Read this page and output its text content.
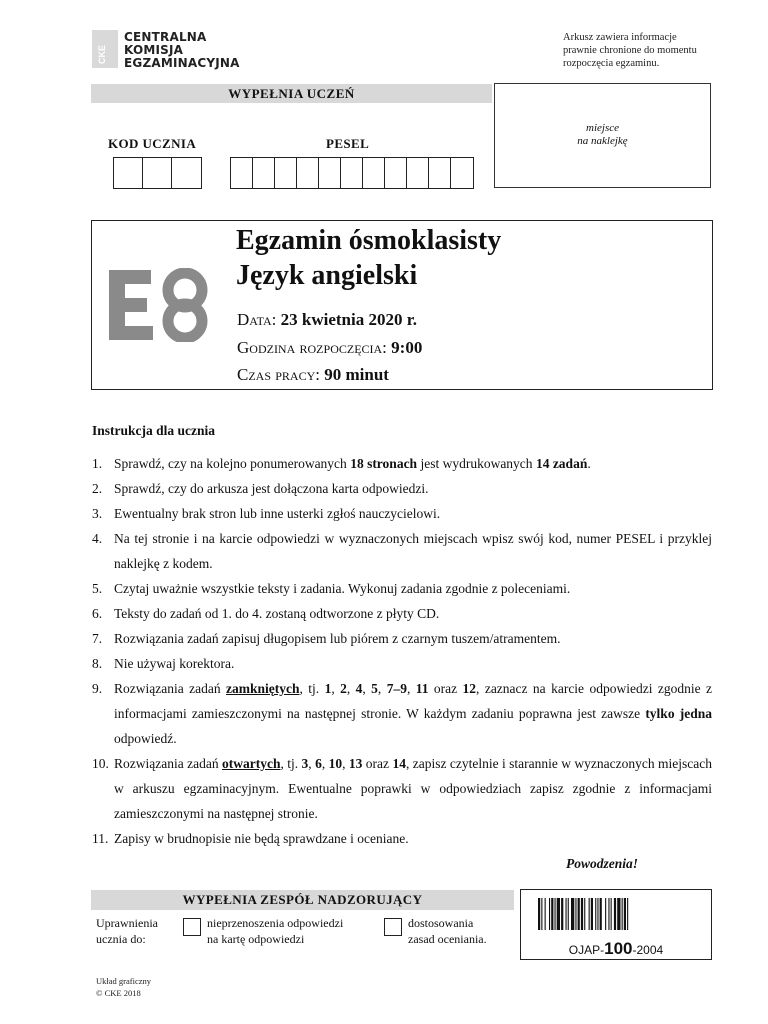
CKE
CENTRALNA
KOMISJA
EGZAMINACYJNA
Arkusz zawiera informacje
prawnie chronione do momentu
rozpoczęcia egzaminu.
WYPEŁNIA UCZEŃ
miejsce
na naklejkę
KOD UCZNIA	PESEL
E8
Egzamin ósmoklasisty
Język angielski
Data: 23 kwietnia 2020 r.
Godzina rozpoczęcia: 9:00
Czas pracy: 90 minut
Instrukcja dla ucznia
1. Sprawdź, czy na kolejno ponumerowanych 18 stronach jest wydrukowanych 14 zadań.
2. Sprawdź, czy do arkusza jest dołączona karta odpowiedzi.
3. Ewentualny brak stron lub inne usterki zgłoś nauczycielowi.
4. Na tej stronie i na karcie odpowiedzi w wyznaczonych miejscach wpisz swój kod, numer PESEL i przyklej naklejkę z kodem.
5. Czytaj uważnie wszystkie teksty i zadania. Wykonuj zadania zgodnie z poleceniami.
6. Teksty do zadań od 1. do 4. zostaną odtworzone z płyty CD.
7. Rozwiązania zadań zapisuj długopisem lub piórem z czarnym tuszem/atramentem.
8. Nie używaj korektora.
9. Rozwiązania zadań zamkniętych, tj. 1, 2, 4, 5, 7–9, 11 oraz 12, zaznacz na karcie odpowiedzi zgodnie z informacjami zamieszczonymi na następnej stronie. W każdym zadaniu poprawna jest zawsze tylko jedna odpowiedź.
10. Rozwiązania zadań otwartych, tj. 3, 6, 10, 13 oraz 14, zapisz czytelnie i starannie w wyznaczonych miejscach w arkuszu egzaminacyjnym. Ewentualne poprawki w odpowiedziach zapisz zgodnie z informacjami zamieszczonymi na następnej stronie.
11. Zapisy w brudnopisie nie będą sprawdzane i oceniane.
Powodzenia!
WYPEŁNIA ZESPÓŁ NADZORUJĄCY
Uprawnienia
ucznia do:
nieprzenoszenia odpowiedzi
na kartę odpowiedzi
dostosowania
zasad oceniania.
OJAP-100-2004
Układ graficzny
© CKE 2018
